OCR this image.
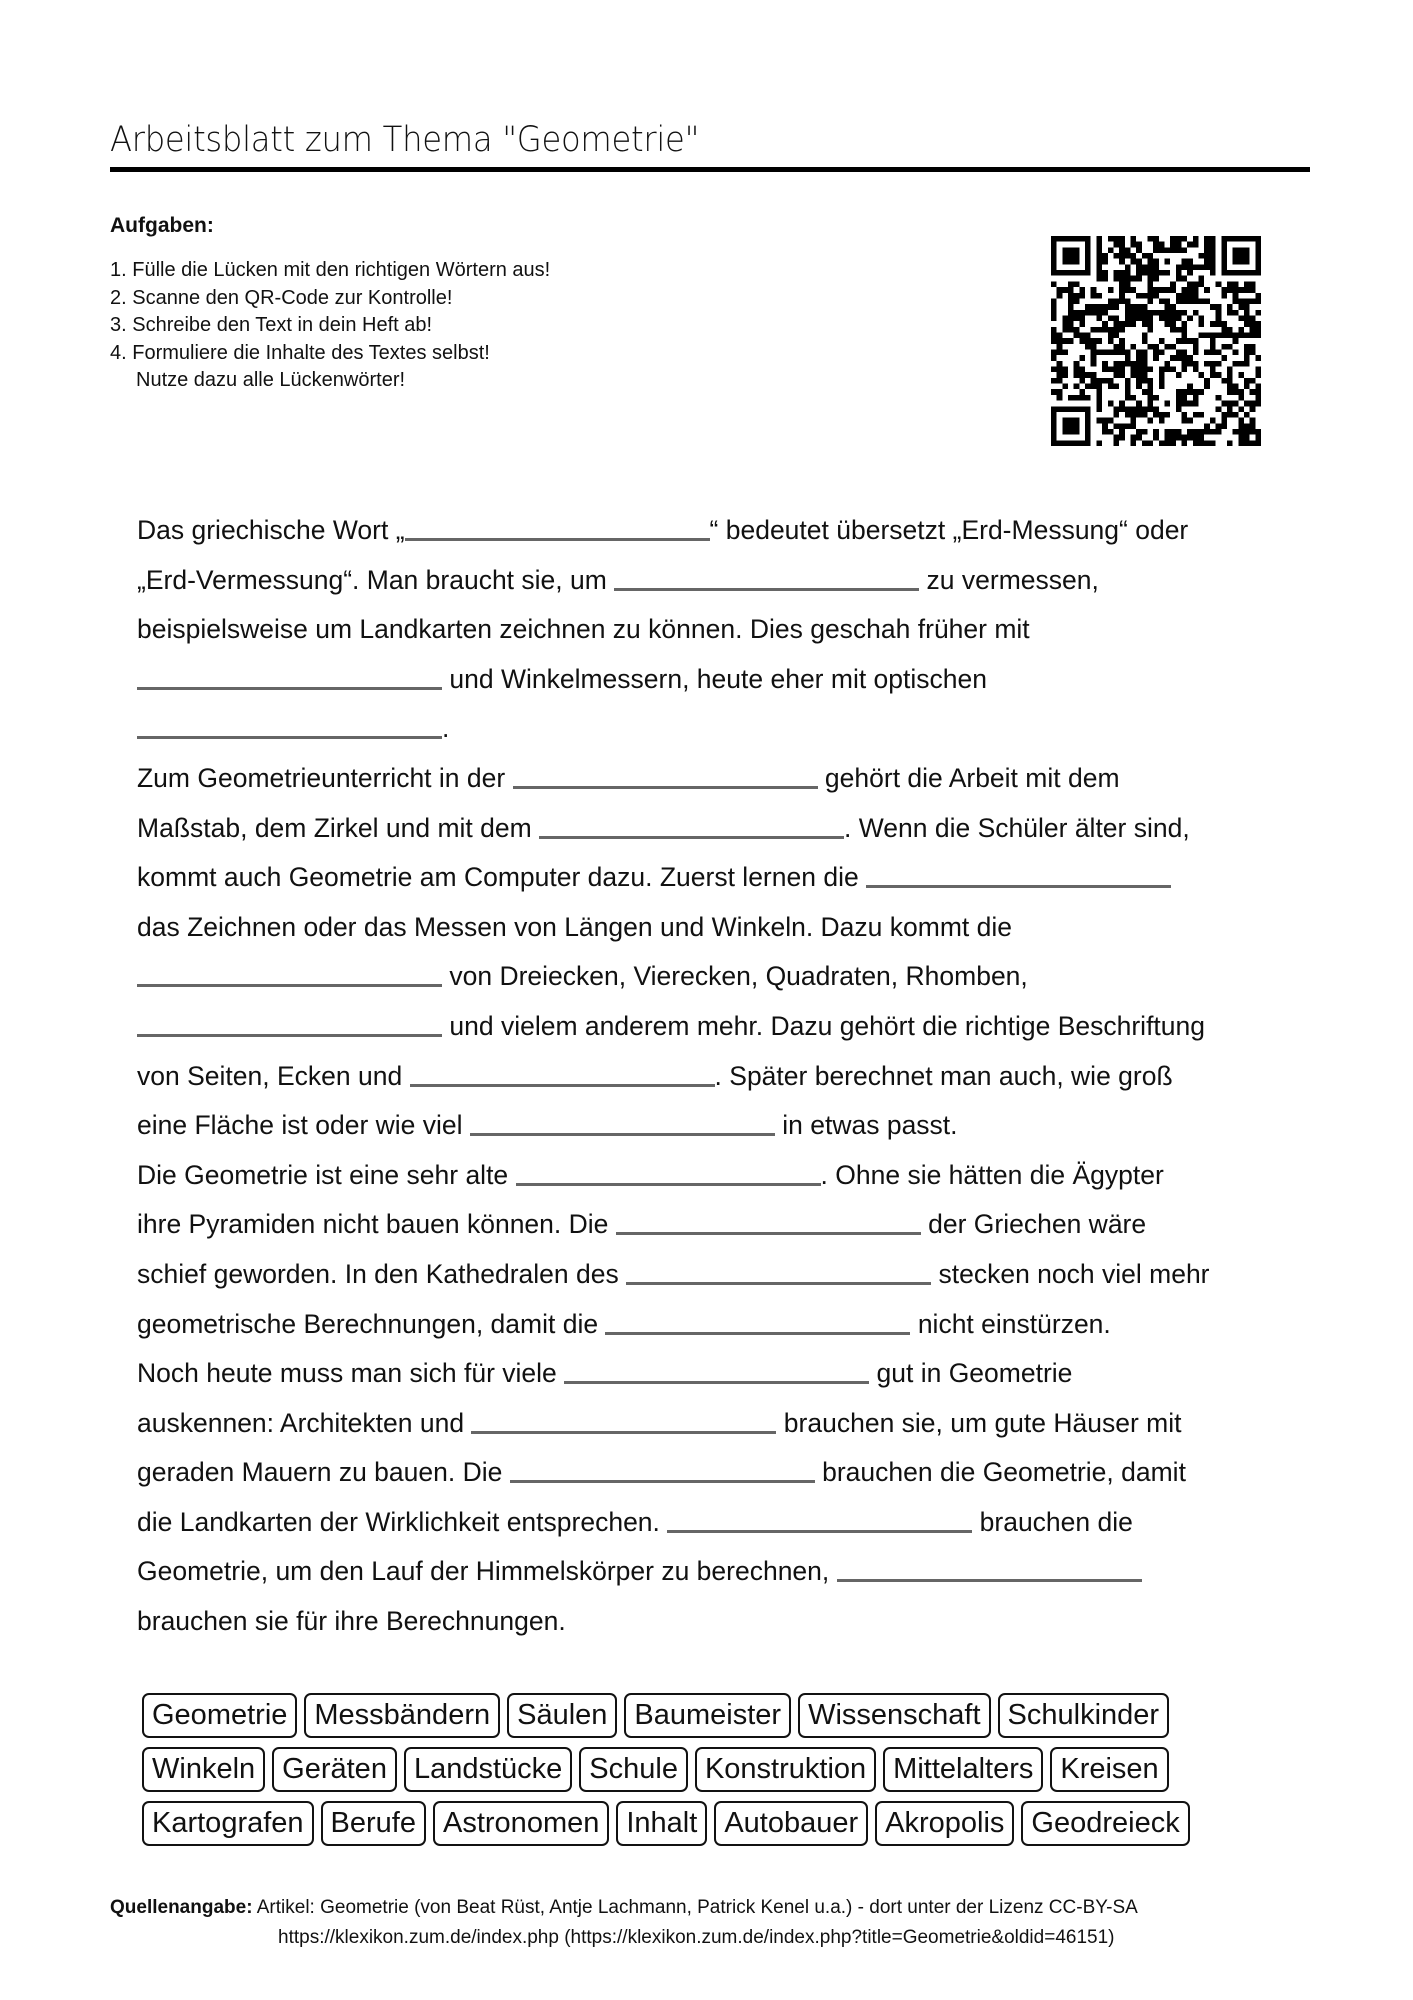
Arbeitsblatt zum Thema "Geometrie"
Aufgaben:
1. Fülle die Lücken mit den richtigen Wörtern aus!
2. Scanne den QR-Code zur Kontrolle!
3. Schreibe den Text in dein Heft ab!
4. Formuliere die Inhalte des Textes selbst!
Nutze dazu alle Lückenwörter!
Das griechische Wort „	“ bedeutet übersetzt „Erd-Messung“ oder
„Erd-Vermessung“. Man braucht sie, um	zu vermessen,
beispielsweise um Landkarten zeichnen zu können. Dies geschah früher mit
und Winkelmessern, heute eher mit optischen
.
Zum Geometrieunterricht in der	gehört die Arbeit mit dem
Maßstab, dem Zirkel und mit dem	. Wenn die Schüler älter sind,
kommt auch Geometrie am Computer dazu. Zuerst lernen die
das Zeichnen oder das Messen von Längen und Winkeln. Dazu kommt die
von Dreiecken, Vierecken, Quadraten, Rhomben,
und vielem anderem mehr. Dazu gehört die richtige Beschriftung
von Seiten, Ecken und	. Später berechnet man auch, wie groß
eine Fläche ist oder wie viel	in etwas passt.
Die Geometrie ist eine sehr alte	. Ohne sie hätten die Ägypter
ihre Pyramiden nicht bauen können. Die	der Griechen wäre
schief geworden. In den Kathedralen des	stecken noch viel mehr
geometrische Berechnungen, damit die	nicht einstürzen.
Noch heute muss man sich für viele	gut in Geometrie
auskennen: Architekten und	brauchen sie, um gute Häuser mit
geraden Mauern zu bauen. Die	brauchen die Geometrie, damit
die Landkarten der Wirklichkeit entsprechen.	brauchen die
Geometrie, um den Lauf der Himmelskörper zu berechnen,
brauchen sie für ihre Berechnungen.
Geometrie Messbändern Säulen Baumeister Wissenschaft Schulkinder
Winkeln Geräten Landstücke Schule Konstruktion Mittelalters Kreisen
Kartografen Berufe Astronomen Inhalt Autobauer Akropolis Geodreieck
Quellenangabe: Artikel: Geometrie (von Beat Rüst, Antje Lachmann, Patrick Kenel u.a.) - dort unter der Lizenz CC-BY-SA
https://klexikon.zum.de/index.php (https://klexikon.zum.de/index.php?title=Geometrie&oldid=46151)
